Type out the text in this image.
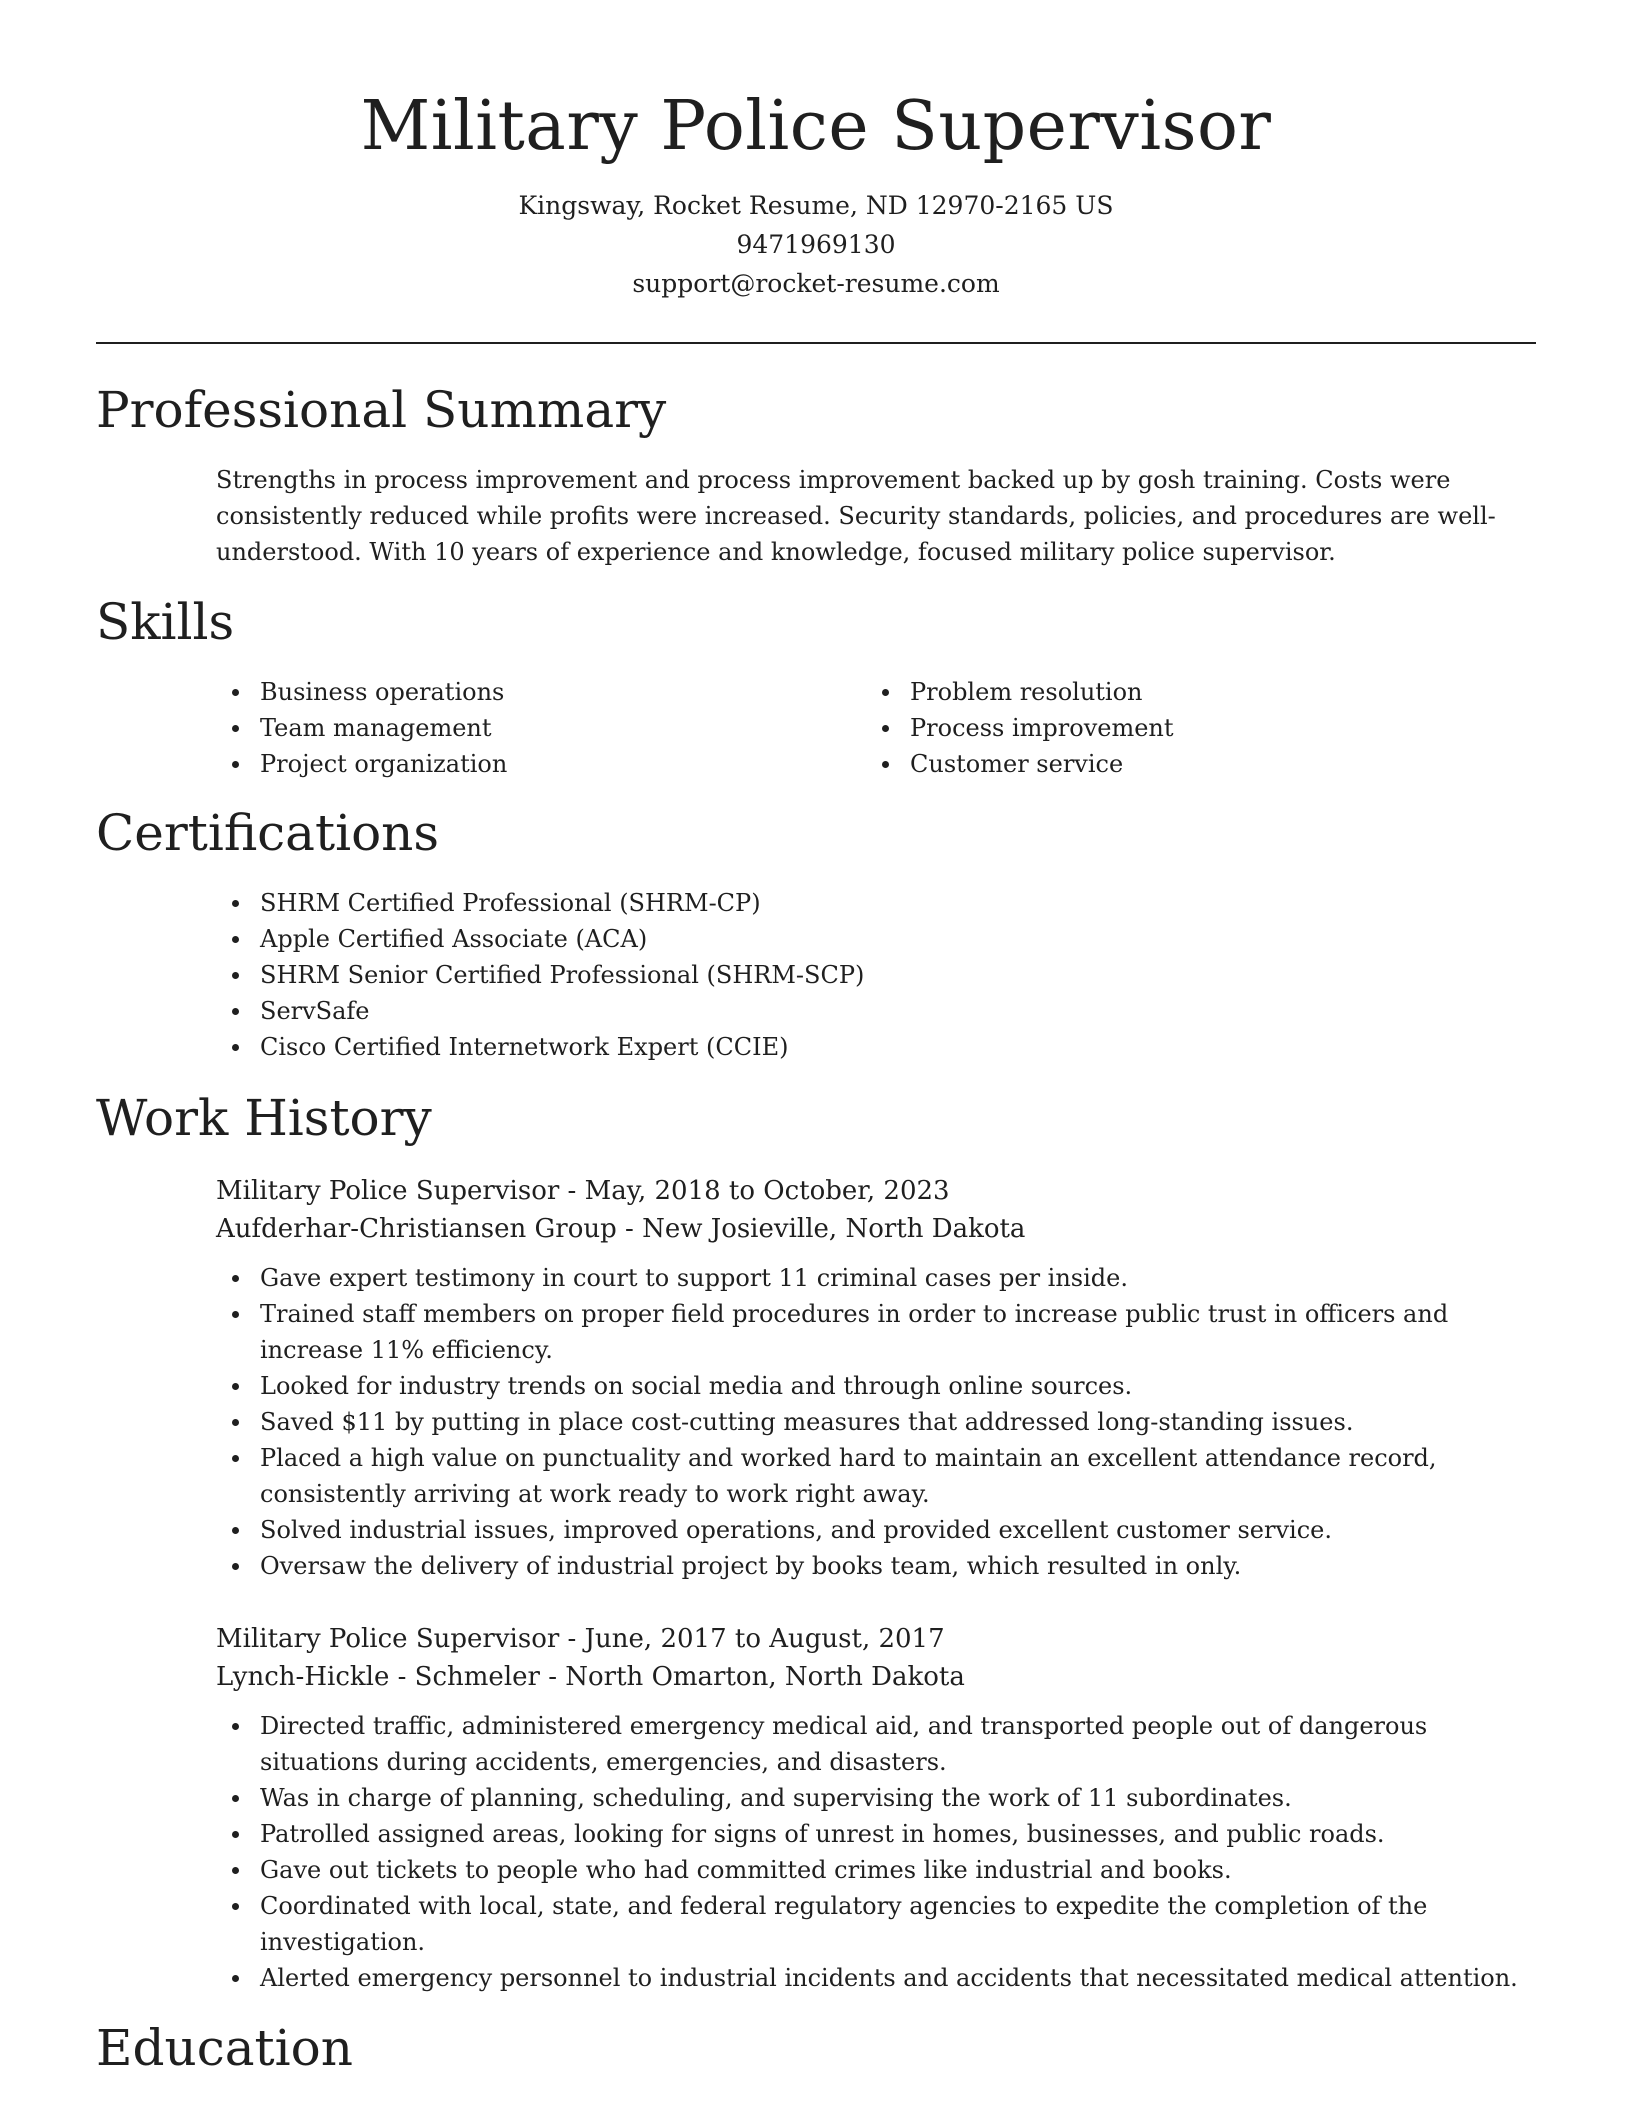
Military Police Supervisor
Kingsway, Rocket Resume, ND 12970-2165 US
9471969130
support@rocket-resume.com
Professional Summary

Strengths in process improvement and process improvement backed up by gosh training. Costs were consistently reduced while profits were increased. Security standards, policies, and procedures are well-understood. With 10 years of experience and knowledge, focused military police supervisor.

Skills
Business operations
Team management
Project organization
Problem resolution
Process improvement
Customer service
Certifications
SHRM Certified Professional (SHRM-CP)
Apple Certified Associate (ACA)
SHRM Senior Certified Professional (SHRM-SCP)
ServSafe
Cisco Certified Internetwork Expert (CCIE)
Work History
Military Police Supervisor - May, 2018 to October, 2023
Aufderhar-Christiansen Group - New Josieville, North Dakota
Gave expert testimony in court to support 11 criminal cases per inside.
Trained staff members on proper field procedures in order to increase public trust in officers and increase 11% efficiency.
Looked for industry trends on social media and through online sources.
Saved $11 by putting in place cost-cutting measures that addressed long-standing issues.
Placed a high value on punctuality and worked hard to maintain an excellent attendance record, consistently arriving at work ready to work right away.
Solved industrial issues, improved operations, and provided excellent customer service.
Oversaw the delivery of industrial project by books team, which resulted in only.
Military Police Supervisor - June, 2017 to August, 2017
Lynch-Hickle - Schmeler - North Omarton, North Dakota
Directed traffic, administered emergency medical aid, and transported people out of dangerous situations during accidents, emergencies, and disasters.
Was in charge of planning, scheduling, and supervising the work of 11 subordinates.
Patrolled assigned areas, looking for signs of unrest in homes, businesses, and public roads.
Gave out tickets to people who had committed crimes like industrial and books.
Coordinated with local, state, and federal regulatory agencies to expedite the completion of the investigation.
Alerted emergency personnel to industrial incidents and accidents that necessitated medical attention.
Education
